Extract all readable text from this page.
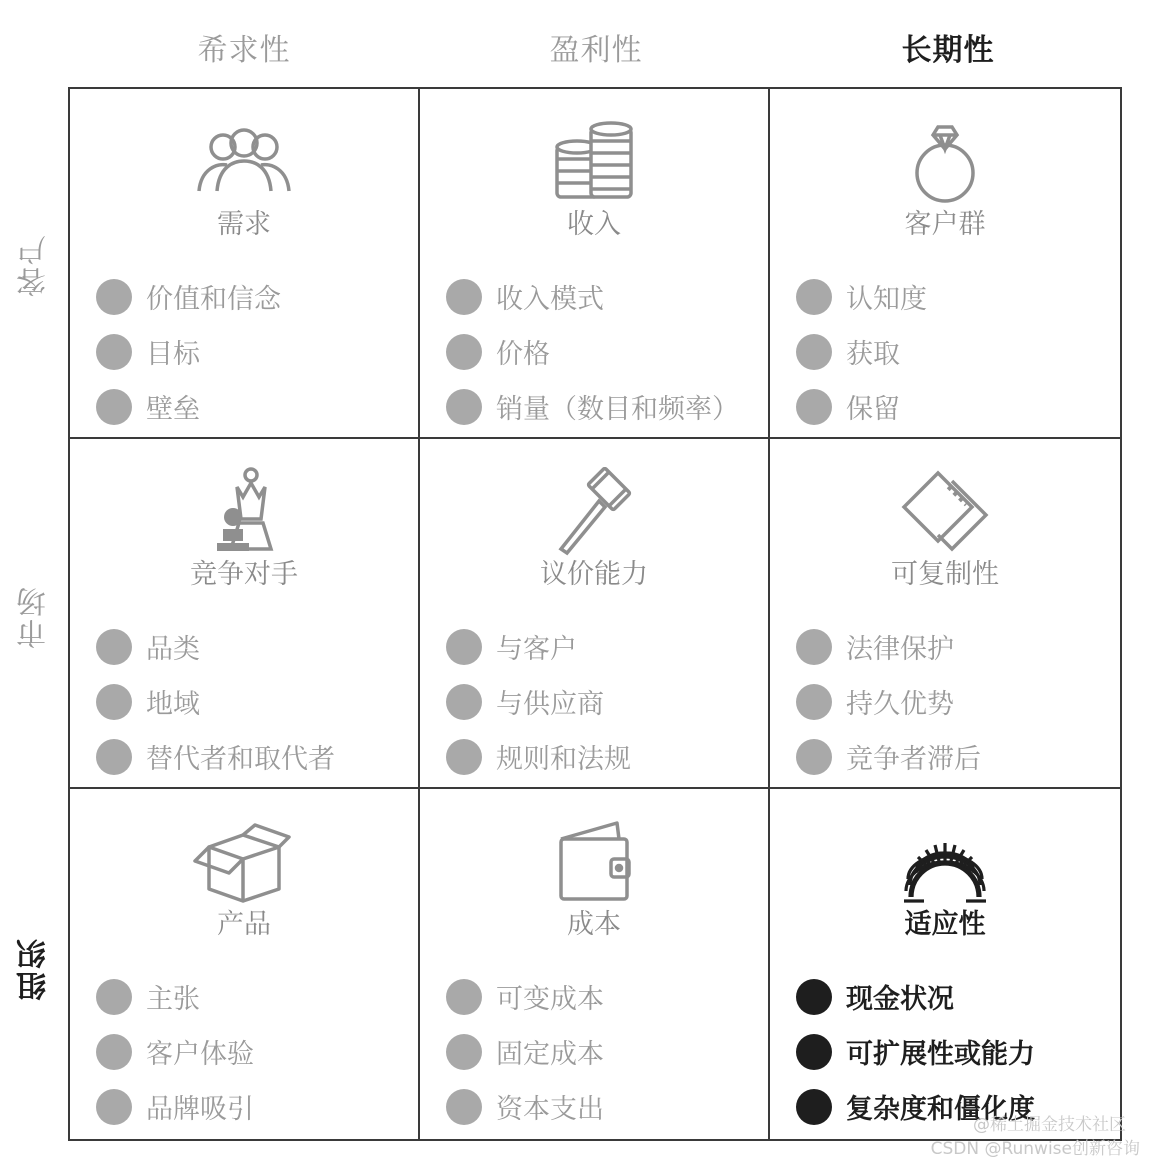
希求性	盈利性	长期性
客户
市场
组织
需求
价值和信念
目标
壁垒
收入
收入模式
价格
销量（数目和频率）
客户群
认知度
获取
保留
竞争对手
品类
地域
替代者和取代者
议价能力
与客户
与供应商
规则和法规
可复制性
法律保护
持久优势
竞争者滞后
产品
主张
客户体验
品牌吸引
成本
可变成本
固定成本
资本支出
适应性
现金状况
可扩展性或能力
复杂度和僵化度
@稀土掘金技术社区
CSDN @Runwise创新咨询
